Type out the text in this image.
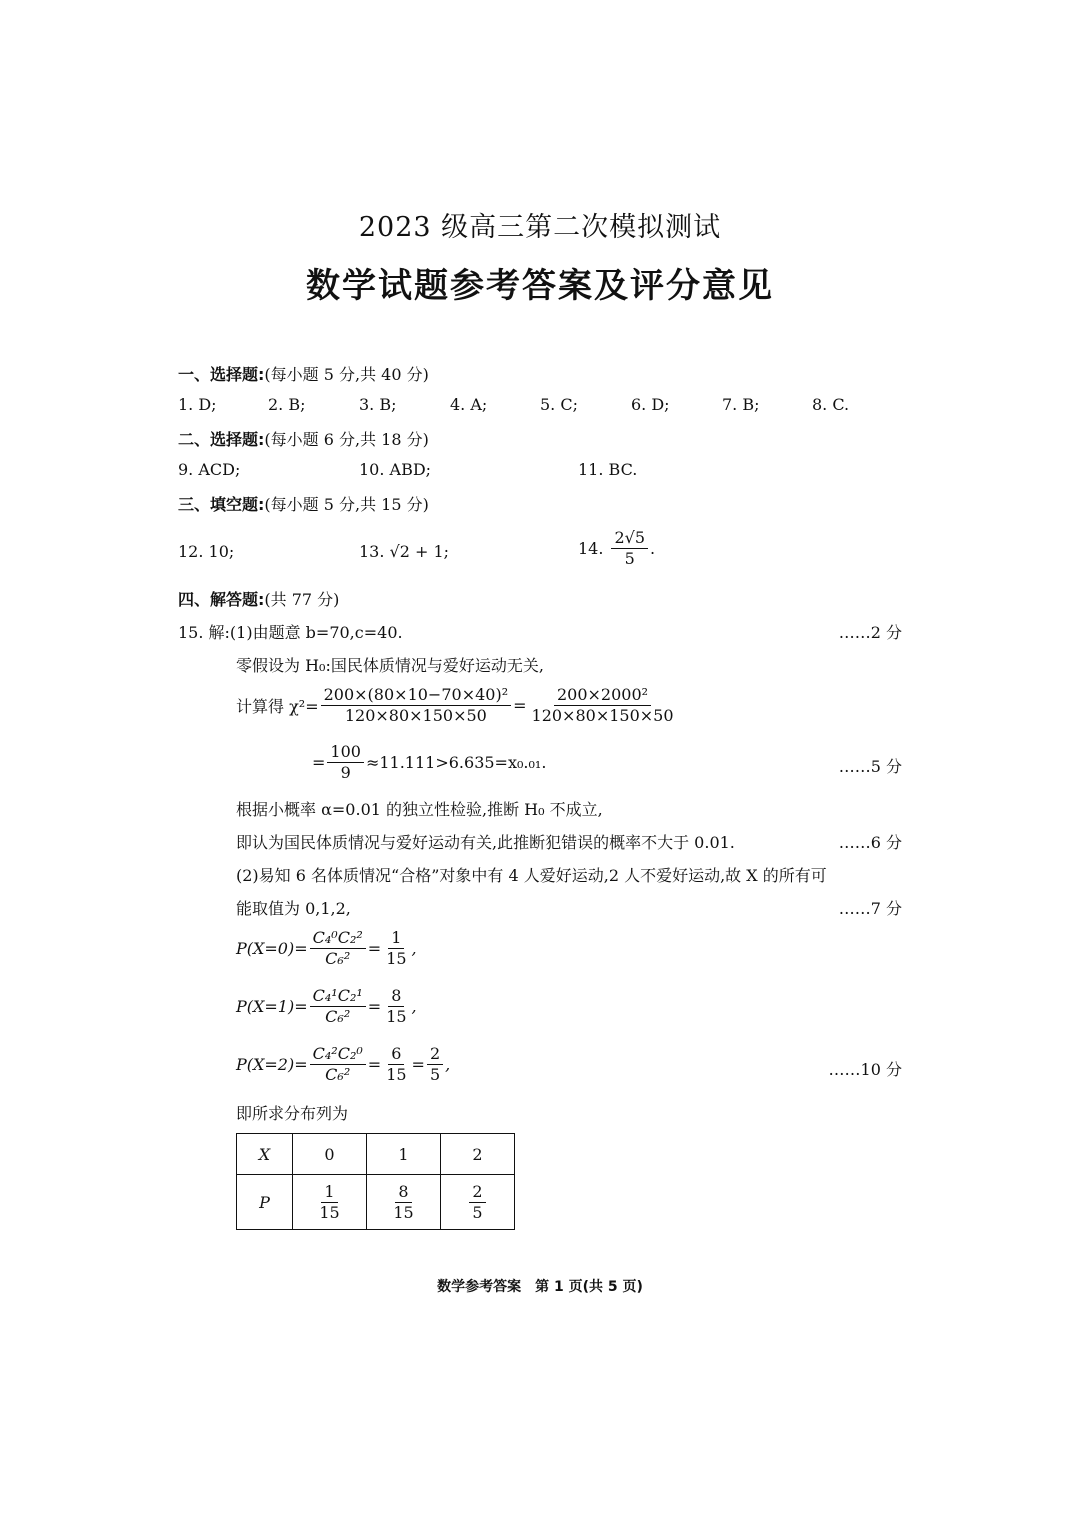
2023 级高三第二次模拟测试
数学试题参考答案及评分意见
一、选择题:(每小题 5 分,共 40 分)
1. D;	2. B;	3. B;	4. A;	5. C;	6. D;	7. B;	8. C.
二、选择题:(每小题 6 分,共 18 分)
9. ACD;	10. ABD;	11. BC.
三、填空题:(每小题 5 分,共 15 分)
12. 10;	13. √2 + 1;	14. $\frac{2√5}{5}$ .
四、解答题:(共 77 分)
15. 解:(1)由题意 b=70,c=40.	……2 分
零假设为 H₀:国民体质情况与爱好运动无关,
计算得 $\chi^2= \frac{\text{200×(80×10−70×40)²}}{120\times 80\times 150\times 50} = \frac{\text{200×2000²}}{120\times 80\times 150\times 50}$
= $\frac{100}{9} \approx 11.111>6.635=x_0._{01}$.	……5 分
根据小概率 α=0.01 的独立性检验,推断 H₀ 不成立,
即认为国民体质情况与爱好运动有关,此推断犯错误的概率不大于 0.01.	……6 分
(2)易知 6 名体质情况“合格”对象中有 4 人爱好运动,2 人不爱好运动,故 X 的所有可
能取值为 0,1,2,	……7 分
$P(X=0)= \frac{\text{C₄⁰C₂²}}{\text{C₆²}} = \frac{1}{15}$ ,
$P(X=1)= \frac{\text{C₄¹C₂¹}}{\text{C₆²}} = \frac{8}{15}$ ,
$P(X=2)= \frac{\text{C₄²C₂⁰}}{\text{C₆²}} = \frac{6}{15} = \frac{2}{5}$ ,	……10 分
即所求分布列为
X	0	1	2
P	$\frac{1}{15}$	$\frac{8}{15}$	$\frac{2}{5}$
数学参考答案　第 1 页(共 5 页)
